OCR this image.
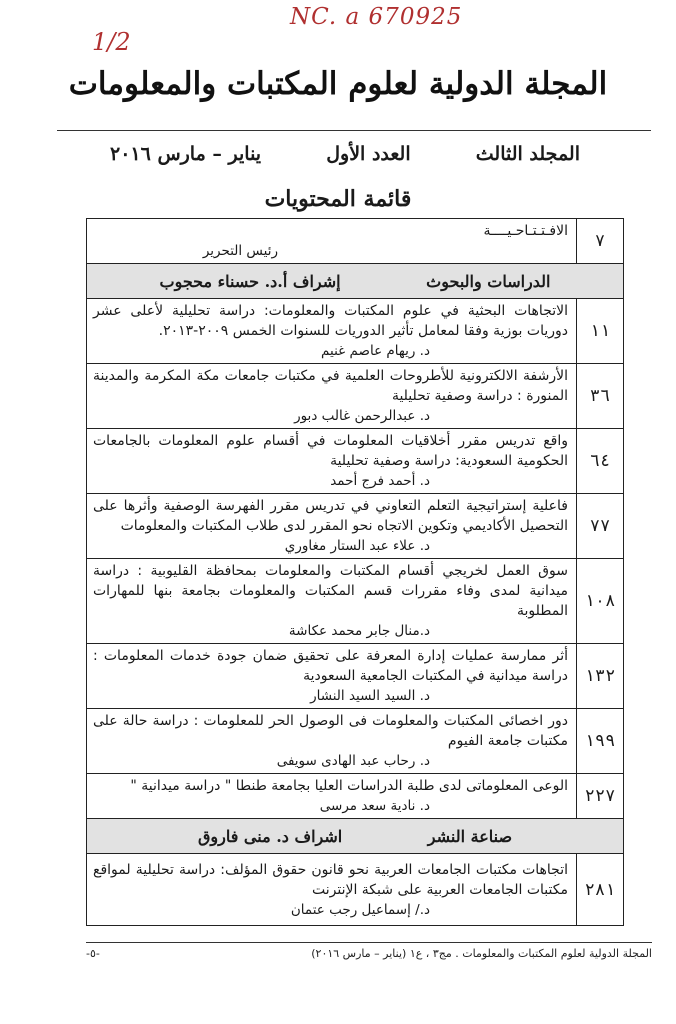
NC. a 670925
1/2
المجلة الدولية لعلوم المكتبات والمعلومات
المجلد الثالث
العدد الأول
يناير – مارس ٢٠١٦
قائمة المحتويات
الافـتـتـاحـيــــة
رئيس التحرير	٧
الدراسات والبحوث إشراف أ.د. حسناء محجوب	

الاتجاهات البحثية في علوم المكتبات والمعلومات: دراسة تحليلية لأعلى عشر دوريات بوزية وفقا لمعامل تأثير الدوريات للسنوات الخمس ٢٠٠٩-٢٠١٣.
د. ريهام عاصم غنيم	١١

الأرشفة الالكترونية للأطروحات العلمية في مكتبات جامعات مكة المكرمة والمدينة المنورة : دراسة وصفية تحليلية
د. عبدالرحمن غالب دبور	٣٦

واقع تدريس مقرر أخلاقيات المعلومات في أقسام علوم المعلومات بالجامعات الحكومية السعودية: دراسة وصفية تحليلية
د. أحمد فرج أحمد	٦٤

فاعلية إستراتيجية التعلم التعاوني في تدريس مقرر الفهرسة الوصفية وأثرها على التحصيل الأكاديمي وتكوين الاتجاه نحو المقرر لدى طلاب المكتبات والمعلومات
د. علاء عبد الستار مغاوري	٧٧

سوق العمل لخريجي أقسام المكتبات والمعلومات بمحافظة القليوبية : دراسة ميدانية لمدى وفاء مقررات قسم المكتبات والمعلومات بجامعة بنها للمهارات المطلوبة
د.منال جابر محمد عكاشة	١٠٨

أثر ممارسة عمليات إدارة المعرفة على تحقيق ضمان جودة خدمات المعلومات : دراسة ميدانية في المكتبات الجامعية السعودية
د. السيد السيد النشار	١٣٢

دور اخصائى المكتبات والمعلومات فى الوصول الحر للمعلومات : دراسة حالة على مكتبات جامعة الفيوم
د. رحاب عبد الهادى سويفى	١٩٩

الوعى المعلوماتى لدى طلبة الدراسات العليا بجامعة طنطا " دراسة ميدانية "
د. نادية سعد مرسى	٢٢٧
صناعة النشر اشراف د. منى فاروق	

اتجاهات مكتبات الجامعات العربية نحو قانون حقوق المؤلف: دراسة تحليلية لمواقع مكتبات الجامعات العربية على شبكة الإنترنت
د./ إسماعيل رجب عتمان	٢٨١
المجلة الدولية لعلوم المكتبات والمعلومات . مج٣ ، ع١ (يناير – مارس ٢٠١٦)
-٥-
